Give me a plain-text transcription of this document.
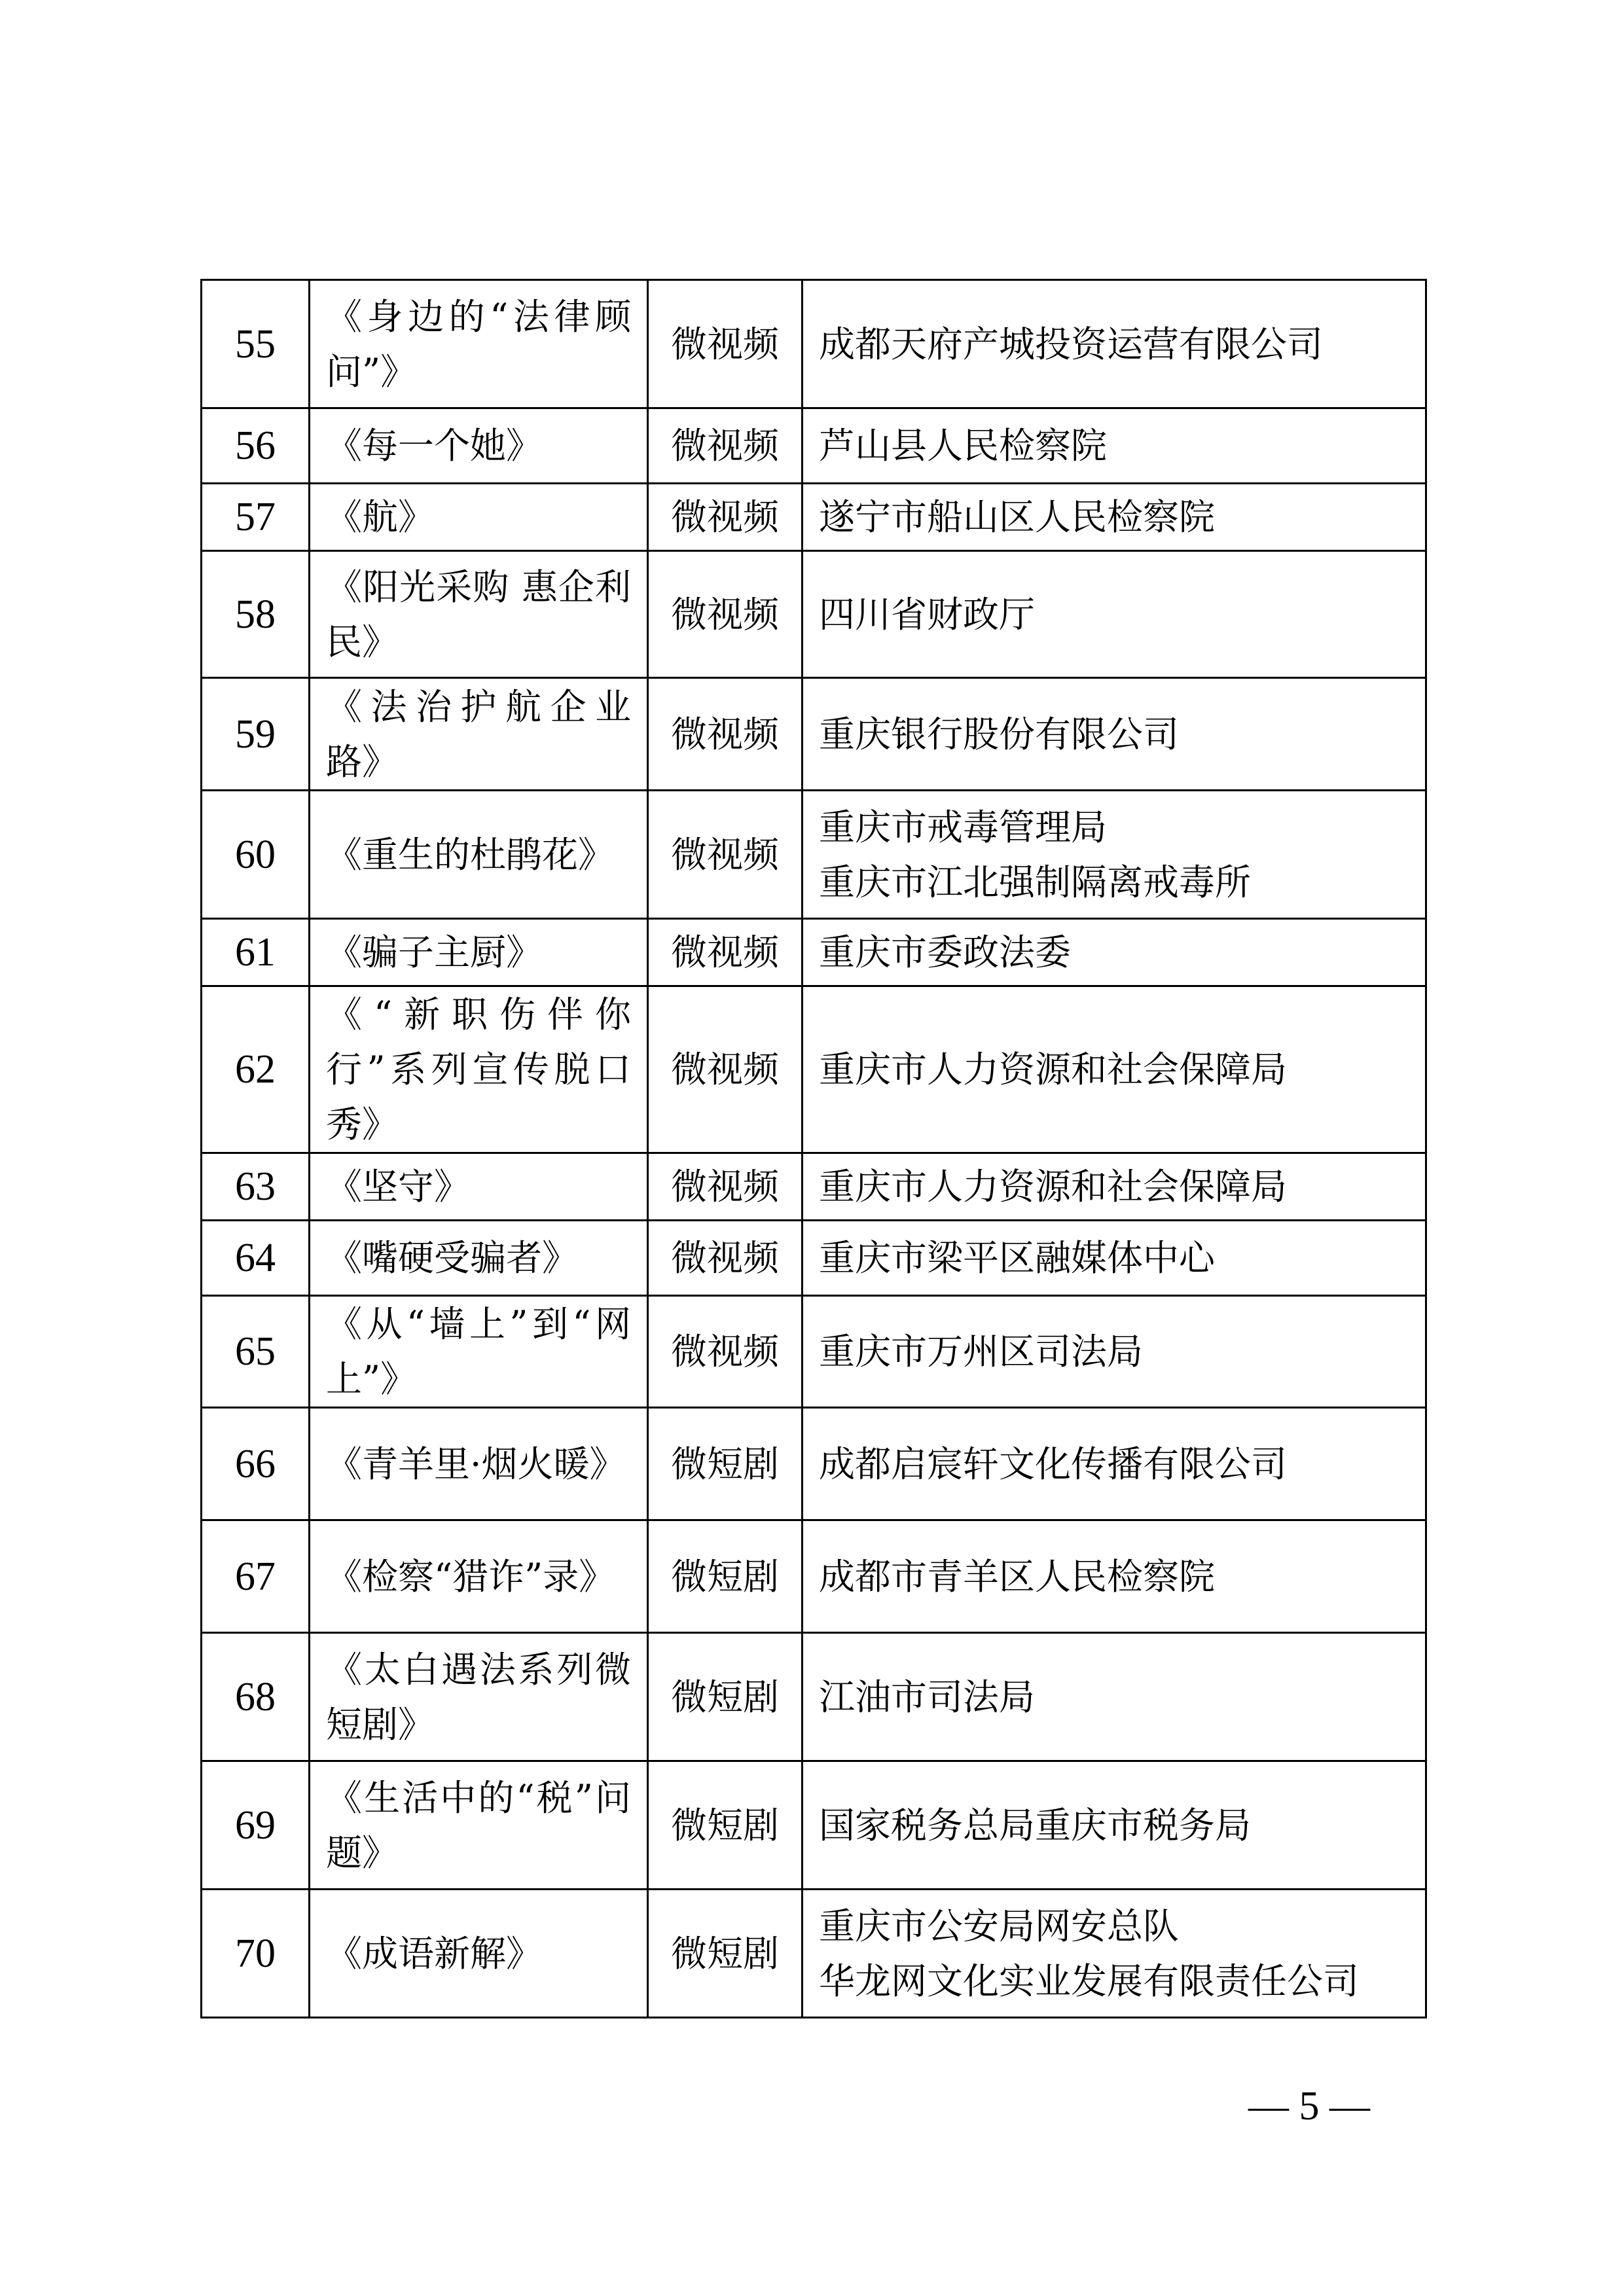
55	《身边的“法律顾问”》	微视频	成都天府产城投资运营有限公司

56	《每一个她》	微视频	芦山县人民检察院

57	《航》	微视频	遂宁市船山区人民检察院

58	《阳光采购 惠企利民》	微视频	四川省财政厅

59	《法治护航企业路》	微视频	重庆银行股份有限公司

60	《重生的杜鹃花》	微视频	重庆市戒毒管理局
重庆市江北强制隔离戒毒所

61	《骗子主厨》	微视频	重庆市委政法委

62	《“新职伤伴你行”系列宣传脱口秀》	微视频	重庆市人力资源和社会保障局

63	《坚守》	微视频	重庆市人力资源和社会保障局

64	《嘴硬受骗者》	微视频	重庆市梁平区融媒体中心

65	《从“墙上”到“网上”》	微视频	重庆市万州区司法局

66	《青羊里·烟火暖》	微短剧	成都启宸轩文化传播有限公司

67	《检察“猎诈”录》	微短剧	成都市青羊区人民检察院

68	《太白遇法系列微短剧》	微短剧	江油市司法局

69	《生活中的“税”问题》	微短剧	国家税务总局重庆市税务局

70	《成语新解》	微短剧	重庆市公安局网安总队
华龙网文化实业发展有限责任公司
— 5 —
